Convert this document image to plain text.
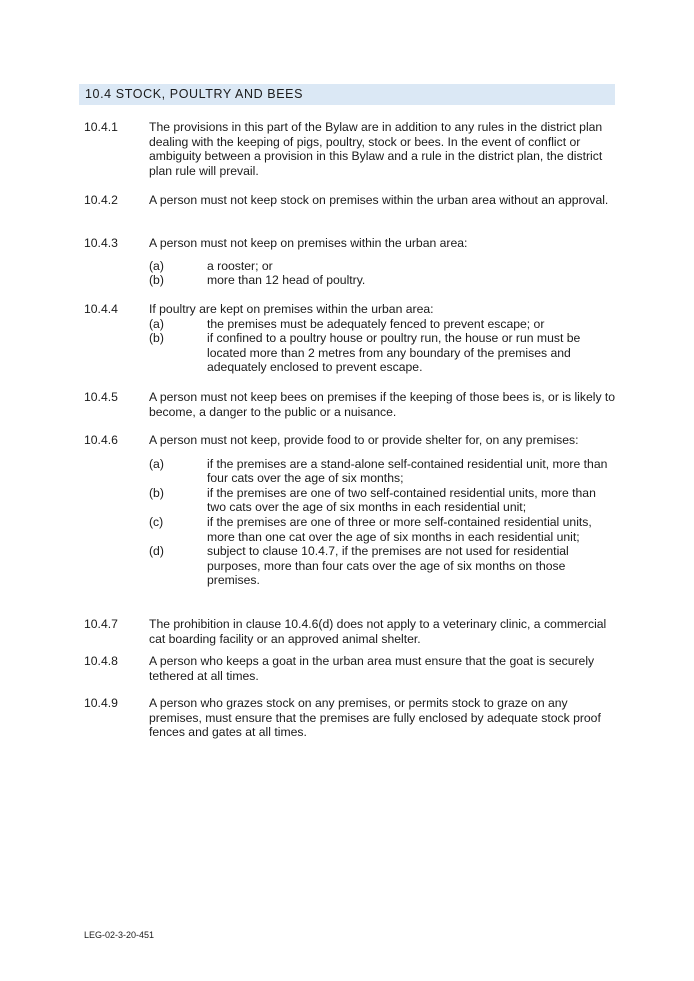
10.4 STOCK, POULTRY AND BEES
10.4.1	The provisions in this part of the Bylaw are in addition to any rules in the district plan dealing with the keeping of pigs, poultry, stock or bees. In the event of conflict or ambiguity between a provision in this Bylaw and a rule in the district plan, the district plan rule will prevail.
10.4.2	A person must not keep stock on premises within the urban area without an approval.
10.4.3	A person must not keep on premises within the urban area:
(a)	a rooster; or
(b)	more than 12 head of poultry.
10.4.4	If poultry are kept on premises within the urban area:
(a)	the premises must be adequately fenced to prevent escape; or
(b)	if confined to a poultry house or poultry run, the house or run must be located more than 2 metres from any boundary of the premises and adequately enclosed to prevent escape.
10.4.5	A person must not keep bees on premises if the keeping of those bees is, or is likely to become, a danger to the public or a nuisance.
10.4.6	A person must not keep, provide food to or provide shelter for, on any premises:
(a)	if the premises are a stand-alone self-contained residential unit, more than four cats over the age of six months;
(b)	if the premises are one of two self-contained residential units, more than two cats over the age of six months in each residential unit;
(c)	if the premises are one of three or more self-contained residential units, more than one cat over the age of six months in each residential unit;
(d)	subject to clause 10.4.7, if the premises are not used for residential purposes, more than four cats over the age of six months on those premises.
10.4.7	The prohibition in clause 10.4.6(d) does not apply to a veterinary clinic, a commercial cat boarding facility or an approved animal shelter.
10.4.8	A person who keeps a goat in the urban area must ensure that the goat is securely tethered at all times.
10.4.9	A person who grazes stock on any premises, or permits stock to graze on any premises, must ensure that the premises are fully enclosed by adequate stock proof fences and gates at all times.
LEG-02-3-20-451
